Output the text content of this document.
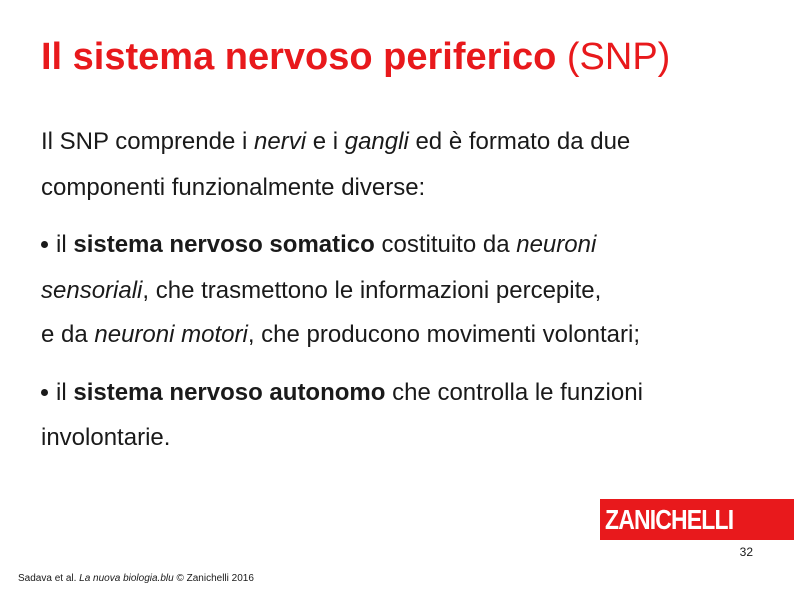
Il sistema nervoso periferico (SNP)

Il SNP comprende i nervi e i gangli ed è formato da due

componenti funzionalmente diverse:

il sistema nervoso somatico costituito da neuroni

sensoriali, che trasmettono le informazioni percepite,

e da neuroni motori, che producono movimenti volontari;

il sistema nervoso autonomo che controlla le funzioni

involontarie.

ZANICHELLI
32
Sadava et al. La nuova biologia.blu © Zanichelli 2016
